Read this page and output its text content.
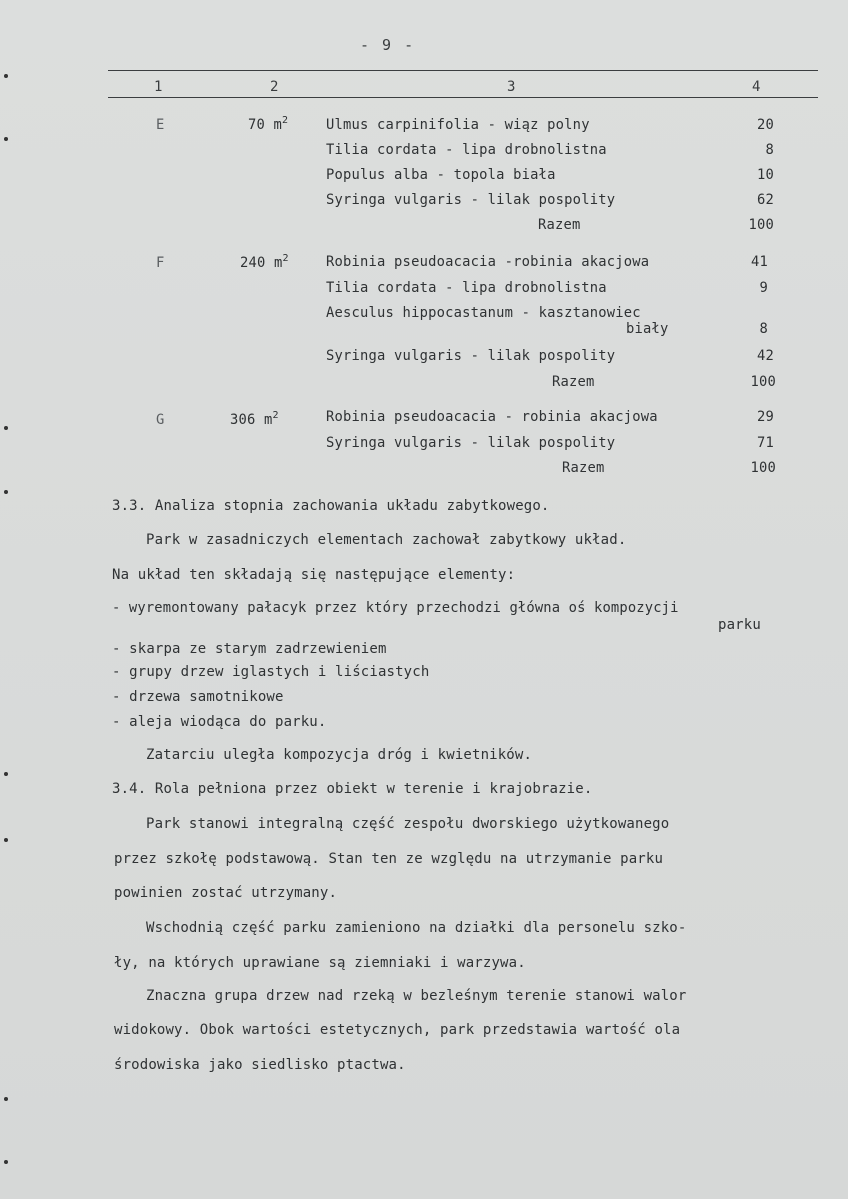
- 9 -
1	2	3	4
E	70 $m^2$	Ulmus carpinifolia - wiąz polny	20
Tilia cordata - lipa drobnolistna	8
Populus alba - topola biała	10
Syringa vulgaris - lilak pospolity	62
Razem	100
F	240 $m^2$	Robinia pseudoacacia -robinia akacjowa	41
Tilia cordata - lipa drobnolistna	9
Aesculus hippocastanum - kasztanowiec
biały	8
Syringa vulgaris - lilak pospolity	42
Razem	100
G	306 $m^2$	Robinia pseudoacacia - robinia akacjowa	29
Syringa vulgaris - lilak pospolity	71
Razem	100
3.3. Analiza stopnia zachowania układu zabytkowego.
Park w zasadniczych elementach zachował zabytkowy układ.
Na układ ten składają się następujące elementy:
- wyremontowany pałacyk przez który przechodzi główna oś kompozycji
parku
- skarpa ze starym zadrzewieniem
- grupy drzew iglastych i liściastych
- drzewa samotnikowe
- aleja wiodąca do parku.
Zatarciu uległa kompozycja dróg i kwietników.
3.4. Rola pełniona przez obiekt w terenie i krajobrazie.
Park stanowi integralną część zespołu dworskiego użytkowanego
przez szkołę podstawową. Stan ten ze względu na utrzymanie parku
powinien zostać utrzymany.
Wschodnią część parku zamieniono na działki dla personelu szko-
ły, na których uprawiane są ziemniaki i warzywa.
Znaczna grupa drzew nad rzeką w bezleśnym terenie stanowi walor
widokowy. Obok wartości estetycznych, park przedstawia wartość ola
środowiska jako siedlisko ptactwa.
